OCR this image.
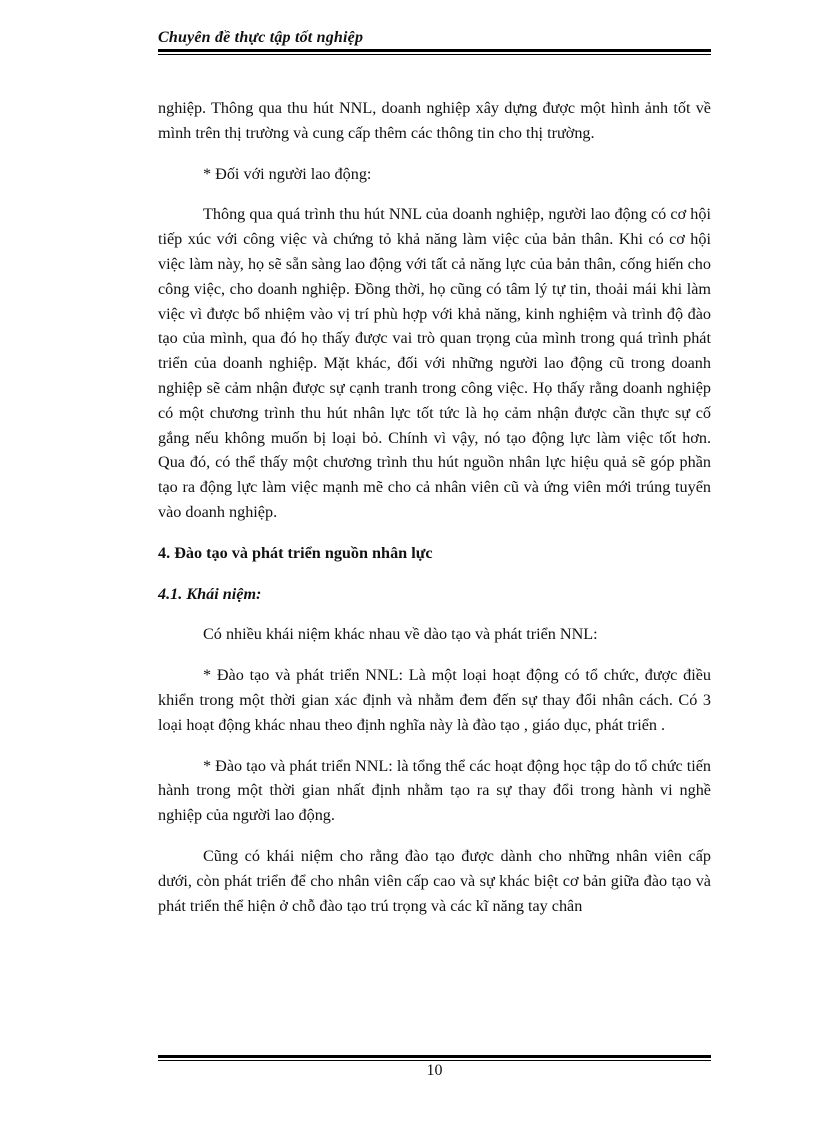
Chuyên đề thực tập tốt nghiệp

nghiệp. Thông qua thu hút NNL, doanh nghiệp xây dựng được một hình ảnh tốt về mình trên thị trường và cung cấp thêm các thông tin cho thị trường.

* Đối với người lao động:

Thông qua quá trình thu hút NNL của doanh nghiệp, người lao động có cơ hội tiếp xúc với công việc và chứng tỏ khả năng làm việc của bản thân. Khi có cơ hội việc làm này, họ sẽ sẵn sàng lao động với tất cả năng lực của bản thân, cống hiến cho công việc, cho doanh nghiệp. Đồng thời, họ cũng có tâm lý tự tin, thoải mái khi làm việc vì được bổ nhiệm vào vị trí phù hợp với khả năng, kinh nghiệm và trình độ đào tạo của mình, qua đó họ thấy được vai trò quan trọng của mình trong quá trình phát triển của doanh nghiệp. Mặt khác, đối với những người lao động cũ trong doanh nghiệp sẽ cảm nhận được sự cạnh tranh trong công việc. Họ thấy rằng doanh nghiệp có một chương trình thu hút nhân lực tốt tức là họ cảm nhận được cần thực sự cố gắng nếu không muốn bị loại bỏ. Chính vì vậy, nó tạo động lực làm việc tốt hơn. Qua đó, có thể thấy một chương trình thu hút nguồn nhân lực hiệu quả sẽ góp phần tạo ra động lực làm việc mạnh mẽ cho cả nhân viên cũ và ứng viên mới trúng tuyển vào doanh nghiệp.

4. Đào tạo và phát triển nguồn nhân lực

4.1. Khái niệm:

Có nhiều khái niệm khác nhau về dào tạo và phát triển NNL:

* Đào tạo và phát triển NNL: Là một loại hoạt động có tổ chức, được điều khiển trong một thời gian xác định và nhằm đem đến sự thay đổi nhân cách. Có 3 loại hoạt động khác nhau theo định nghĩa này là đào tạo , giáo dục, phát triển .

* Đào tạo và phát triển NNL: là tổng thể các hoạt động học tập do tổ chức tiến hành trong một thời gian nhất định nhằm tạo ra sự thay đổi trong hành vi nghề nghiệp của người lao động.

Cũng có khái niệm cho rằng đào tạo được dành cho những nhân viên cấp dưới, còn phát triển để cho nhân viên cấp cao và sự khác biệt cơ bản giữa đào tạo và phát triển thể hiện ở chỗ đào tạo trú trọng và các kĩ năng tay chân

10
